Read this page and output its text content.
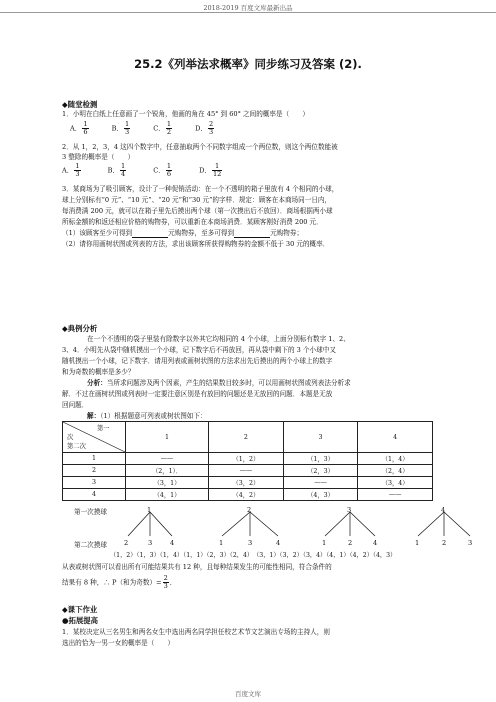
2018-2019 百度文库最新出品
25.2《列举法求概率》同步练习及答案 (2).
◆随堂检测
1．小明在白纸上任意画了一个锐角，他画的角在 45° 到 60° 之间的概率是（　　）
A． $\frac{1}{6}$	B． $\frac{1}{3}$	C． $\frac{1}{2}$	D． $\frac{2}{3}$
2．从 1，2，3，4 这四个数字中，任意抽取两个不同数字组成一个两位数，则这个两位数能被
3 整除的概率是（　　）
A． $\frac{1}{3}$	B． $\frac{1}{4}$	C． $\frac{1}{6}$	D． $\frac{1}{12}$
3．某商场为了吸引顾客，设计了一种促销活动：在一个不透明的箱子里放有 4 个相同的小球，
球上分别标有“0 元”、“10 元”、“20 元”和“30 元”的字样．规定：顾客在本商场同一日内，
每消费满 200 元，就可以在箱子里先后摸出两个球（第一次摸出后不放回）．商场根据两小球
所标金额的和返还相应价格的购物券，可以重新在本商场消费．某顾客刚好消费 200 元．
（1）该顾客至少可得到	元购物券，至多可得到	元购物券；
（2）请你用画树状图或列表的方法，求出该顾客所获得购物券的金额不低于 30 元的概率．
◆典例分析
在一个不透明的袋子里装有除数字以外其它均相同的 4 个小球，上面分别标有数字 1、2、
3、4．小明先从袋中随机摸出一个小球，记下数字后不再放回，再从袋中剩下的 3 个小球中又
随机摸出一个小球，记下数字．请用列表或画树状图的方法求出先后摸出的两个小球上的数字
和为奇数的概率是多少？
分析：当所求问题涉及两个因素，产生的结果数目较多时，可以用画树状图或列表法分析求
解．不过在画树状图或列表时一定要注意区别是有放回的问题还是无放回的问题．本题是无放
回问题．
解：（1）根据题意可列表或树状图如下：
第一
次
第二次	1	2	3	4
1	——	（1，2）	（1，3）	（1，4）
2	（2，1）．	——	（2，3）	（2，4）
3	（3，1）	（3，2）	——	（3，4）
4	（4，1）	（4，2）	（4，3）	——
第一次摸球
第二次摸球
1	2	3	4
2	3	4	1	3	4	1	2	4	1	2	3
（1，2）（1，3）（1，4）（1，1）（2，3）（2，4）　（3，1）（3，2）（3，4）（4，1）（4，2）（4，3）
从表或树状图可以看出所有可能结果共有 12 种，且每种结果发生的可能性相同，符合条件的
结果有 8 种，∴ P（和为奇数）= $\frac{2}{3}$ ．
◆课下作业
●拓展提高
1．某校决定从三名男生和两名女生中选出两名同学担任校艺术节文艺演出专场的主持人，则
选出的恰为一男一女的概率是（　　）
百度文库
